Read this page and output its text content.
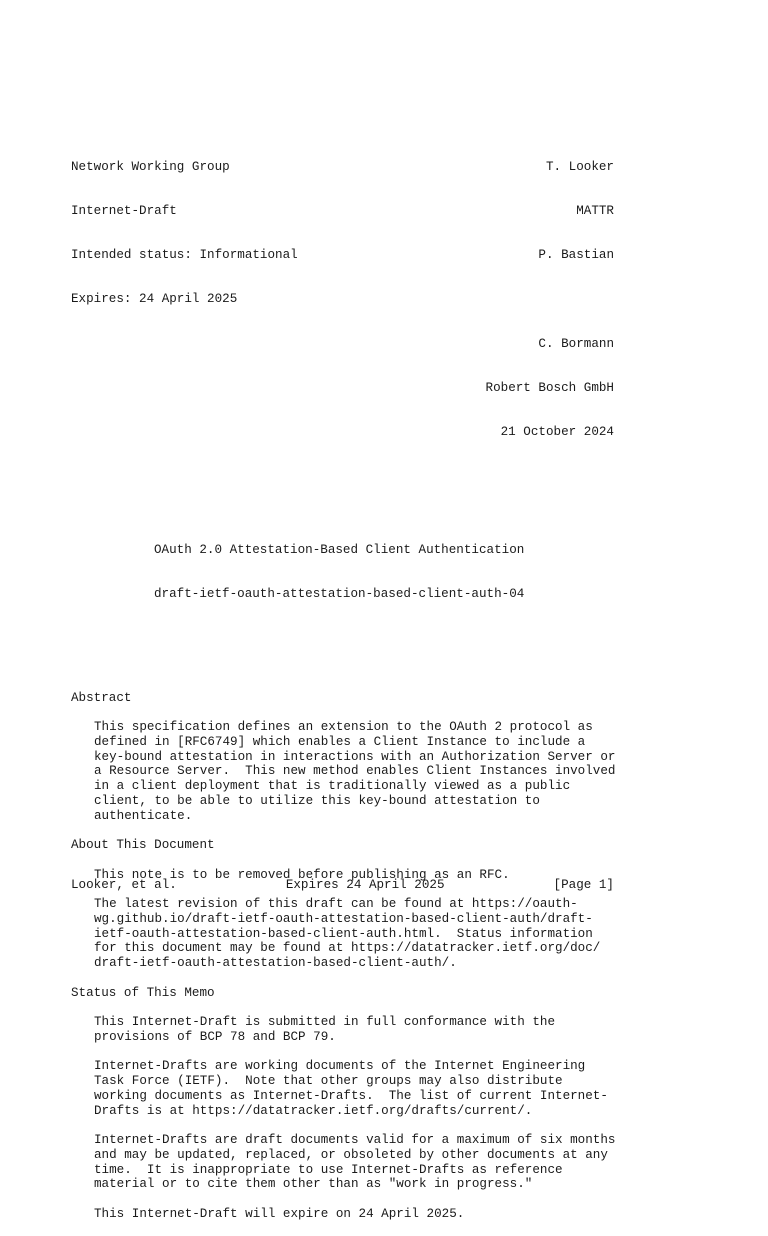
Network Working Group	T. Looker

Internet-Draft	MATTR

Intended status: Informational	P. Bastian

Expires: 24 April 2025

C. Bormann

Robert Bosch GmbH

21 October 2024

OAuth 2.0 Attestation-Based Client Authentication

draft-ietf-oauth-attestation-based-client-auth-04

Abstract
This specification defines an extension to the OAuth 2 protocol as
defined in [RFC6749] which enables a Client Instance to include a
key-bound attestation in interactions with an Authorization Server or
a Resource Server.  This new method enables Client Instances involved
in a client deployment that is traditionally viewed as a public
client, to be able to utilize this key-bound attestation to
authenticate.
About This Document
This note is to be removed before publishing as an RFC.
The latest revision of this draft can be found at https://oauth-
wg.github.io/draft-ietf-oauth-attestation-based-client-auth/draft-
ietf-oauth-attestation-based-client-auth.html.  Status information
for this document may be found at https://datatracker.ietf.org/doc/
draft-ietf-oauth-attestation-based-client-auth/.
Status of This Memo
This Internet-Draft is submitted in full conformance with the
provisions of BCP 78 and BCP 79.
Internet-Drafts are working documents of the Internet Engineering
Task Force (IETF).  Note that other groups may also distribute
working documents as Internet-Drafts.  The list of current Internet-
Drafts is at https://datatracker.ietf.org/drafts/current/.
Internet-Drafts are draft documents valid for a maximum of six months
and may be updated, replaced, or obsoleted by other documents at any
time.  It is inappropriate to use Internet-Drafts as reference
material or to cite them other than as "work in progress."
This Internet-Draft will expire on 24 April 2025.

Looker, et al.	Expires 24 April 2025	[Page 1]
